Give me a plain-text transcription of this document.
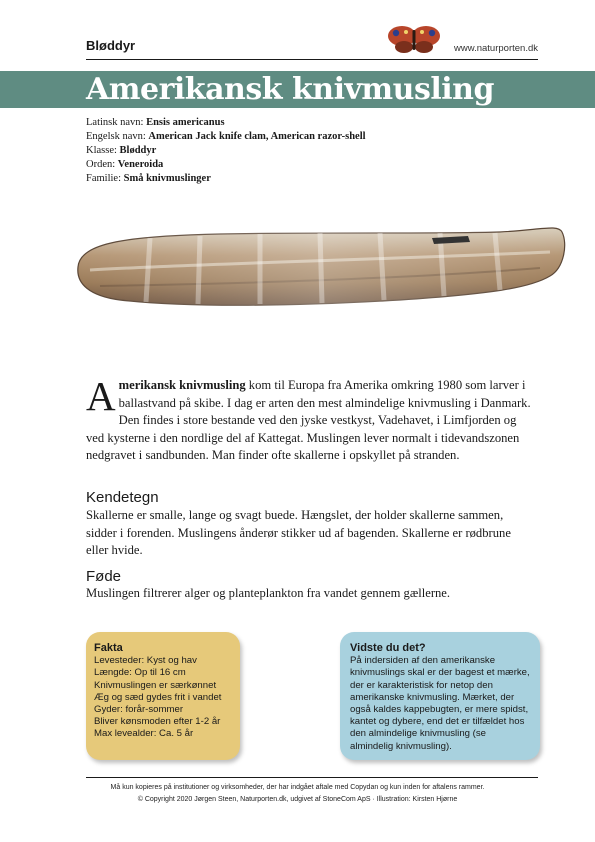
Bløddyr	www.naturporten.dk
Amerikansk knivmusling
Latinsk navn: Ensis americanus
Engelsk navn: American Jack knife clam, American razor-shell
Klasse: Bløddyr
Orden: Veneroida
Familie: Små knivmuslinger
Amerikansk knivmusling kom til Europa fra Amerika omkring 1980 som larver i ballastvand på skibe. I dag er arten den mest almindelige knivmusling i Danmark. Den findes i store bestande ved den jyske vestkyst, Vadehavet, i Limfjorden og ved kysterne i den nordlige del af Kattegat. Muslingen lever normalt i tidevandszonen nedgravet i sandbunden. Man finder ofte skallerne i opskyllet på stranden.
Kendetegn

Skallerne er smalle, lange og svagt buede. Hængslet, der holder skallerne sammen, sidder i forenden. Muslingens ånderør stikker ud af bagenden. Skallerne er rødbrune eller hvide.

Føde

Muslingen filtrerer alger og planteplankton fra vandet gennem gællerne.

Fakta
Levesteder: Kyst og hav
Længde: Op til 16 cm
Knivmuslingen er særkønnet
Æg og sæd gydes frit i vandet
Gyder: forår-sommer
Bliver kønsmoden efter 1-2 år
Max levealder: Ca. 5 år
Vidste du det?
På indersiden af den amerikanske knivmuslings skal er der bagest et mærke, der er karakteristisk for netop den amerikanske knivmusling. Mærket, der også kaldes kappebugten, er mere spidst, kantet og dybere, end det er tilfældet hos den almindelige knivmusling (se almindelig knivmusling).
Må kun kopieres på institutioner og virksomheder, der har indgået aftale med Copydan og kun inden for aftalens rammer.
© Copyright 2020 Jørgen Steen, Naturporten.dk, udgivet af StoneCom ApS · Illustration: Kirsten Hjørne
